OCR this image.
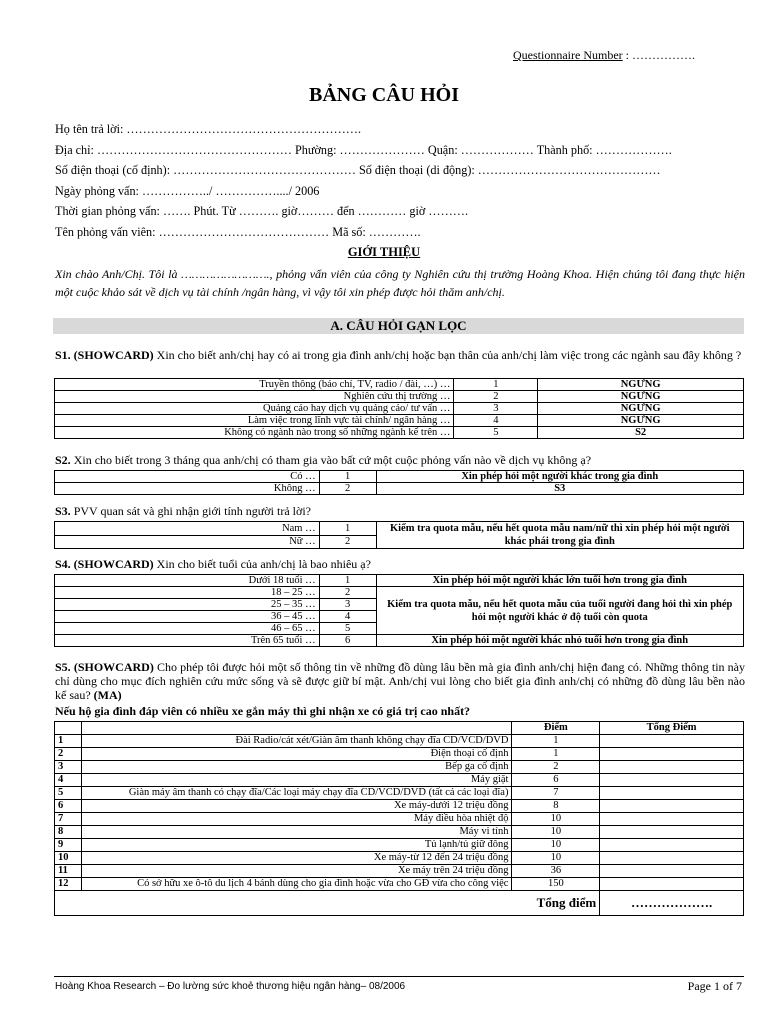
Questionnaire Number : …………….
BẢNG CÂU HỎI
Họ tên trả lời: ………………………………………………….
Địa chỉ: ………………………………………… Phường: ………………… Quận: ……………… Thành phố: ……………….
Số điện thoại (cố định): ……………………………………… Số điện thoại (di động): ………………………………………
Ngày phỏng vấn: ……………../ ……………..../ 2006
Thời gian phỏng vấn: ……. Phút. Từ ………. giờ……… đến ………… giờ ……….
Tên phỏng vấn viên: …………………………………… Mã số: ………….
GIỚI THIỆU
Xin chào Anh/Chị. Tôi là ……………………., phỏng vấn viên của công ty Nghiên cứu thị trường Hoàng Khoa. Hiện chúng tôi đang thực hiện một cuộc khảo sát về dịch vụ tài chính /ngân hàng, vì vậy tôi xin phép được hỏi thăm anh/chị.
A. CÂU HỎI GẠN LỌC
S1. (SHOWCARD) Xin cho biết anh/chị hay có ai trong gia đình anh/chị hoặc bạn thân của anh/chị làm việc trong các ngành sau đây không ?
Truyền thông (báo chí, TV, radio / đài, …) …	1	NGƯNG
Nghiên cứu thị trường …	2	NGƯNG
Quảng cáo hay dịch vụ quảng cáo/ tư vấn …	3	NGƯNG
Làm việc trong lĩnh vực tài chính/ ngân hàng …	4	NGƯNG
Không có ngành nào trong số những ngành kể trên …	5	S2
S2. Xin cho biết trong 3 tháng qua anh/chị có tham gia vào bất cứ một cuộc phỏng vấn nào về dịch vụ không ạ?
Có …	1	Xin phép hỏi một người khác trong gia đình
Không …	2	S3
S3. PVV quan sát và ghi nhận giới tính người trả lời?
Nam …	1	Kiểm tra quota mẫu, nếu hết quota mẫu nam/nữ thì xin phép hỏi một người khác phái trong gia đình
Nữ …	2	
S4. (SHOWCARD) Xin cho biết tuổi của anh/chị là bao nhiêu ạ?
Dưới 18 tuổi …	1	Xin phép hỏi một người khác lớn tuổi hơn trong gia đình
18 – 25 …	2	Kiểm tra quota mẫu, nếu hết quota mẫu của tuổi người đang hỏi thì xin phép hỏi một người khác ở độ tuổi còn quota
25 – 35 …	3	
36 – 45 …	4	
46 – 65 …	5	
Trên 65 tuổi …	6	Xin phép hỏi một người khác nhỏ tuổi hơn trong gia đình
S5. (SHOWCARD) Cho phép tôi được hỏi một số thông tin về những đồ dùng lâu bền mà gia đình anh/chị hiện đang có. Những thông tin này chỉ dùng cho mục đích nghiên cứu mức sống và sẽ được giữ bí mật. Anh/chị vui lòng cho biết gia đình anh/chị có những đồ dùng lâu bền nào kể sau? (MA)
Nếu hộ gia đình đáp viên có nhiều xe gắn máy thì ghi nhận xe có giá trị cao nhất?
		Điểm	Tổng Điểm
1	Đài Radio/cát xét/Giàn âm thanh không chạy đĩa CD/VCD/DVD	1	
2	Điện thoại cố định	1	
3	Bếp ga cố định	2	
4	Máy giặt	6	
5	Giàn máy âm thanh có chạy đĩa/Các loại máy chạy đĩa CD/VCD/DVD (tất cả các loại đĩa)	7	
6	Xe máy-dưới 12 triệu đồng	8	
7	Máy điều hòa nhiệt độ	10	
8	Máy vi tính	10	
9	Tủ lạnh/tủ giữ đông	10	
10	Xe máy-từ 12 đến 24 triệu đồng	10	
11	Xe máy trên 24 triệu đồng	36	
12	Có sở hữu xe ô-tô du lịch 4 bánh dùng cho gia đình hoặc vừa cho GĐ vừa cho công việc	150	
Tổng điểm			……………….
Hoàng Khoa Research – Đo lường sức khoẻ thương hiệu ngân hàng– 08/2006	Page 1 of 7
